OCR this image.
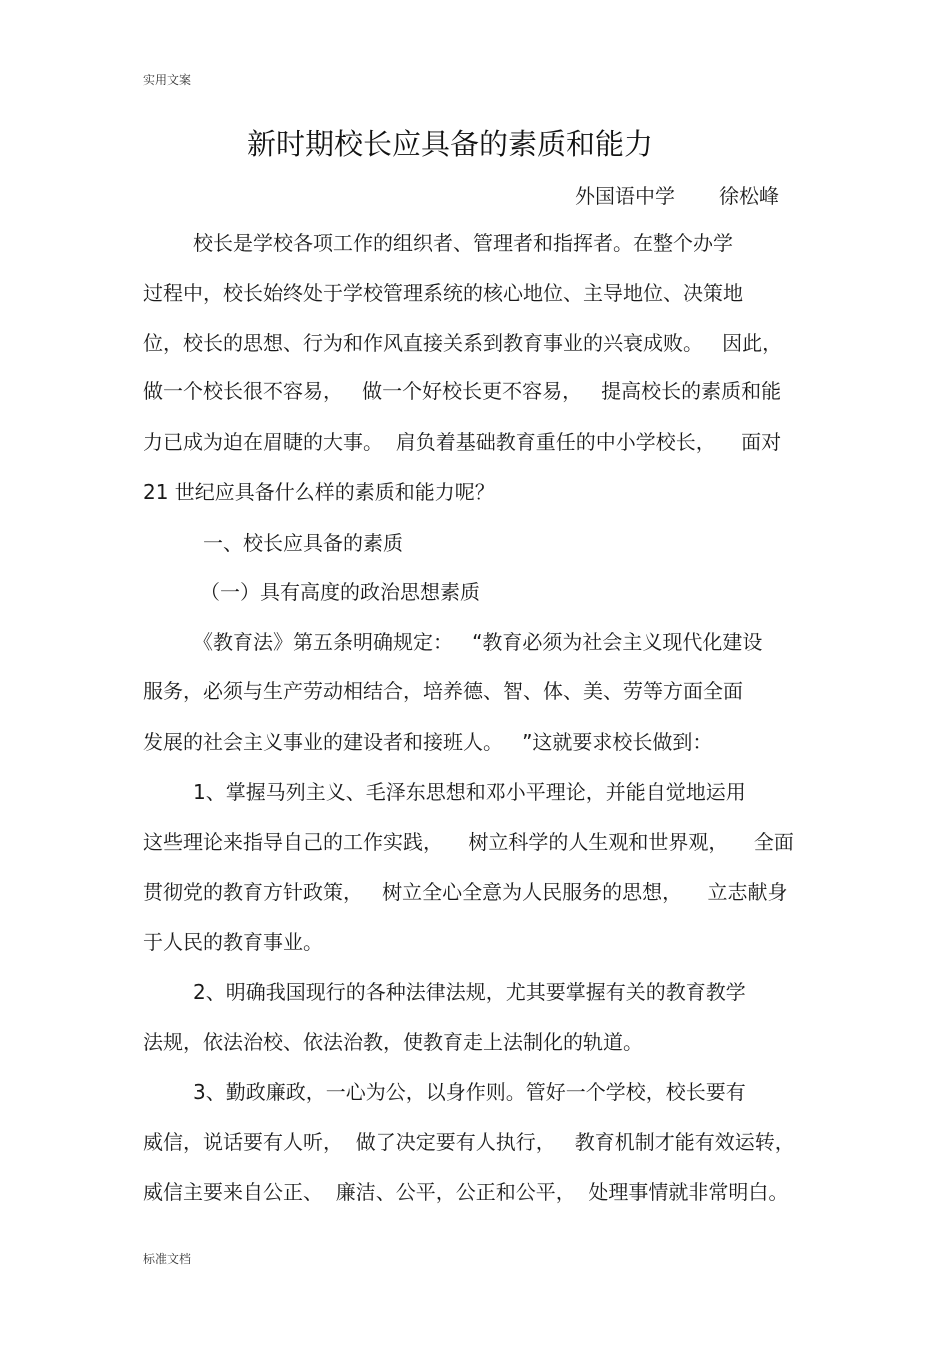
实用文案
新时期校长应具备的素质和能力
外国语中学 徐松峰
校长是学校各项工作的组织者、管理者和指挥者。在整个办学
过程中，校长始终处于学校管理系统的核心地位、主导地位、决策地
位，校长的思想、行为和作风直接关系到教育事业的兴衰成败。   因此，
做一个校长很不容易，   做一个好校长更不容易，   提高校长的素质和能
力已成为迫在眉睫的大事。  肩负着基础教育重任的中小学校长，    面对
21 世纪应具备什么样的素质和能力呢？
一、校长应具备的素质
（一）具有高度的政治思想素质
《教育法》第五条明确规定：   “教育必须为社会主义现代化建设
服务，必须与生产劳动相结合，培养德、智、体、美、劳等方面全面
发展的社会主义事业的建设者和接班人。   ”这就要求校长做到：
1、掌握马列主义、毛泽东思想和邓小平理论，并能自觉地运用
这些理论来指导自己的工作实践，    树立科学的人生观和世界观，    全面
贯彻党的教育方针政策，   树立全心全意为人民服务的思想，    立志献身
于人民的教育事业。
2、明确我国现行的各种法律法规，尤其要掌握有关的教育教学
法规，依法治校、依法治教，使教育走上法制化的轨道。
3、勤政廉政，一心为公，以身作则。管好一个学校，校长要有
威信，说话要有人听，  做了决定要有人执行，   教育机制才能有效运转，
威信主要来自公正、  廉洁、公平，公正和公平，  处理事情就非常明白。
标准文档
